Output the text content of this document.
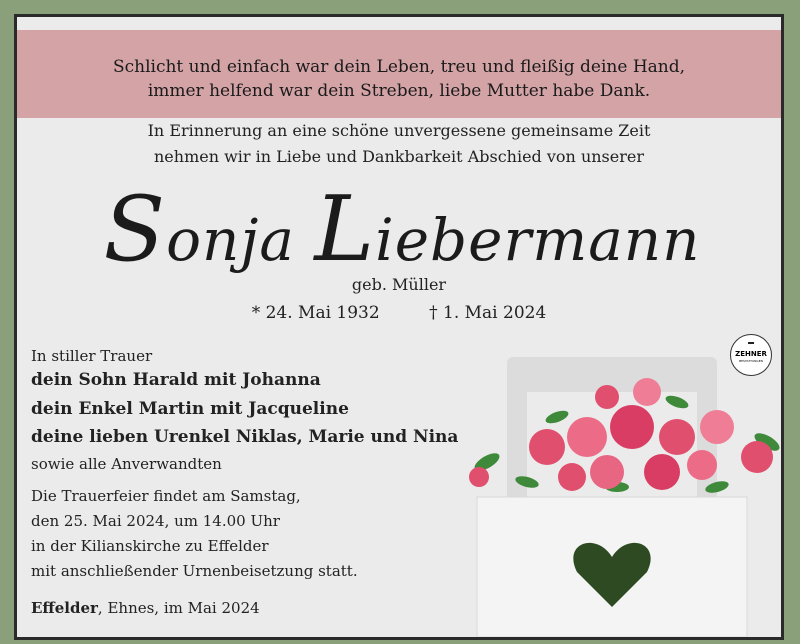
Schlicht und einfach war dein Leben, treu und fleißig deine Hand,
immer helfend war dein Streben, liebe Mutter habe Dank.
In Erinnerung an eine schöne unvergessene gemeinsame Zeit
nehmen wir in Liebe und Dankbarkeit Abschied von unserer
Sonja Liebermann
geb. Müller
* 24. Mai 1932	† 1. Mai 2024
In stiller Trauer
dein Sohn Harald mit Johanna
dein Enkel Martin mit Jacqueline
deine lieben Urenkel Niklas, Marie und Nina
sowie alle Anverwandten
Die Trauerfeier findet am Samstag,
den 25. Mai 2024, um 14.00 Uhr
in der Kilianskirche zu Effelder
mit anschließender Urnenbeisetzung statt.
Effelder, Ehnes, im Mai 2024
ZEHNER
BESTATTUNGEN
